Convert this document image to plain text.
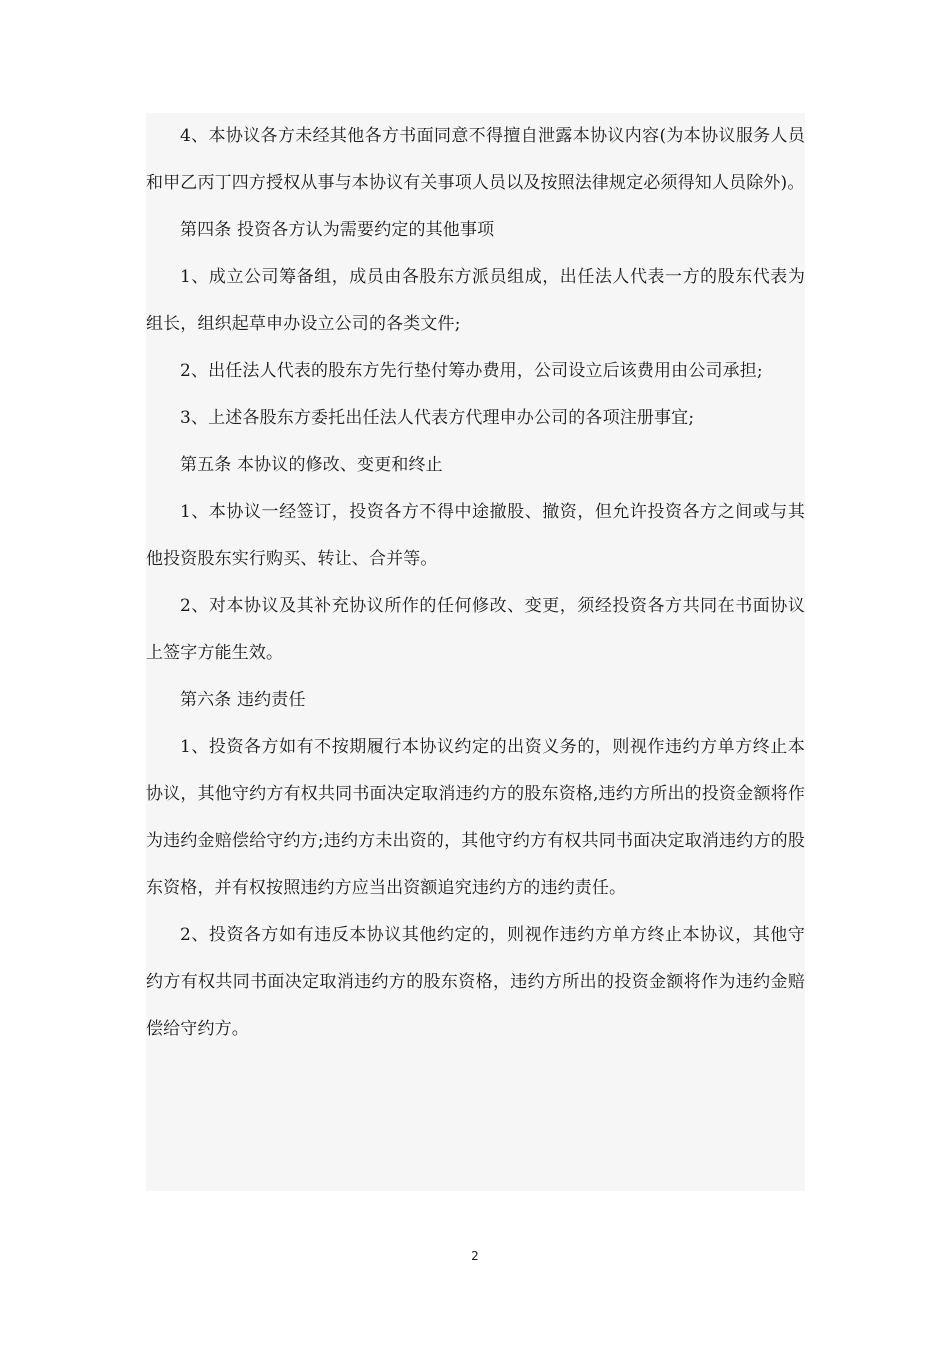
4、本协议各方未经其他各方书面同意不得擅自泄露本协议内容(为本协议服务人员和甲乙丙丁四方授权从事与本协议有关事项人员以及按照法律规定必须得知人员除外)。

第四条 投资各方认为需要约定的其他事项

1、成立公司筹备组，成员由各股东方派员组成，出任法人代表一方的股东代表为组长，组织起草申办设立公司的各类文件;

2、出任法人代表的股东方先行垫付筹办费用，公司设立后该费用由公司承担;

3、上述各股东方委托出任法人代表方代理申办公司的各项注册事宜;

第五条 本协议的修改、变更和终止

1、本协议一经签订，投资各方不得中途撤股、撤资，但允许投资各方之间或与其他投资股东实行购买、转让、合并等。

2、对本协议及其补充协议所作的任何修改、变更，须经投资各方共同在书面协议上签字方能生效。

第六条 违约责任

1、投资各方如有不按期履行本协议约定的出资义务的，则视作违约方单方终止本协议，其他守约方有权共同书面决定取消违约方的股东资格,违约方所出的投资金额将作为违约金赔偿给守约方;违约方未出资的，其他守约方有权共同书面决定取消违约方的股东资格，并有权按照违约方应当出资额追究违约方的违约责任。

2、投资各方如有违反本协议其他约定的，则视作违约方单方终止本协议，其他守约方有权共同书面决定取消违约方的股东资格，违约方所出的投资金额将作为违约金赔偿给守约方。

2
